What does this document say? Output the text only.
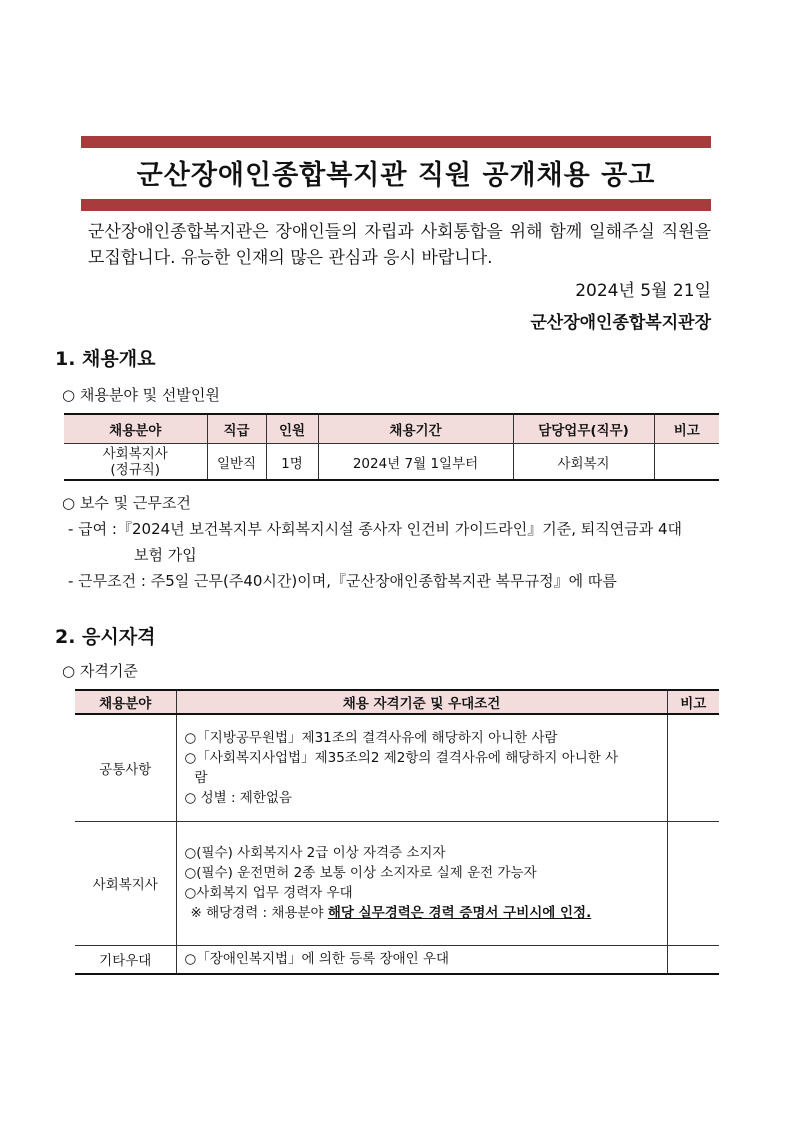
군산장애인종합복지관 직원 공개채용 공고
군산장애인종합복지관은 장애인들의 자립과 사회통합을 위해 함께 일해주실 직원을 모집합니다. 유능한 인재의 많은 관심과 응시 바랍니다.
2024년 5월 21일
군산장애인종합복지관장
1. 채용개요
○ 채용분야 및 선발인원
채용분야	직급	인원	채용기간	담당업무(직무)	비고

사회복지사
(정규직)	일반직	1명	2024년 7월 1일부터	사회복지	
○ 보수 및 근무조건
- 급여 :『2024년 보건복지부 사회복지시설 종사자 인건비 가이드라인』기준, 퇴직연금과 4대
보험 가입
- 근무조건 : 주5일 근무(주40시간)이며,『군산장애인종합복지관 복무규정』에 따름
2. 응시자격
○ 자격기준
채용분야	채용 자격기준 및 우대조건	비고
공통사항	○「지방공무원법」제31조의 결격사유에 해당하지 아니한 사람
○「사회복지사업법」제35조의2 제2항의 결격사유에 해당하지 아니한 사
람
○ 성별 : 제한없음	

사회복지사	○(필수) 사회복지사 2급 이상 자격증 소지자
○(필수) 운전면허 2종 보통 이상 소지자로 실제 운전 가능자
○사회복지 업무 경력자 우대
※ 해당경력 : 채용분야 해당 실무경력은 경력 증명서 구비시에 인정.	

기타우대	○「장애인복지법」에 의한 등록 장애인 우대	
